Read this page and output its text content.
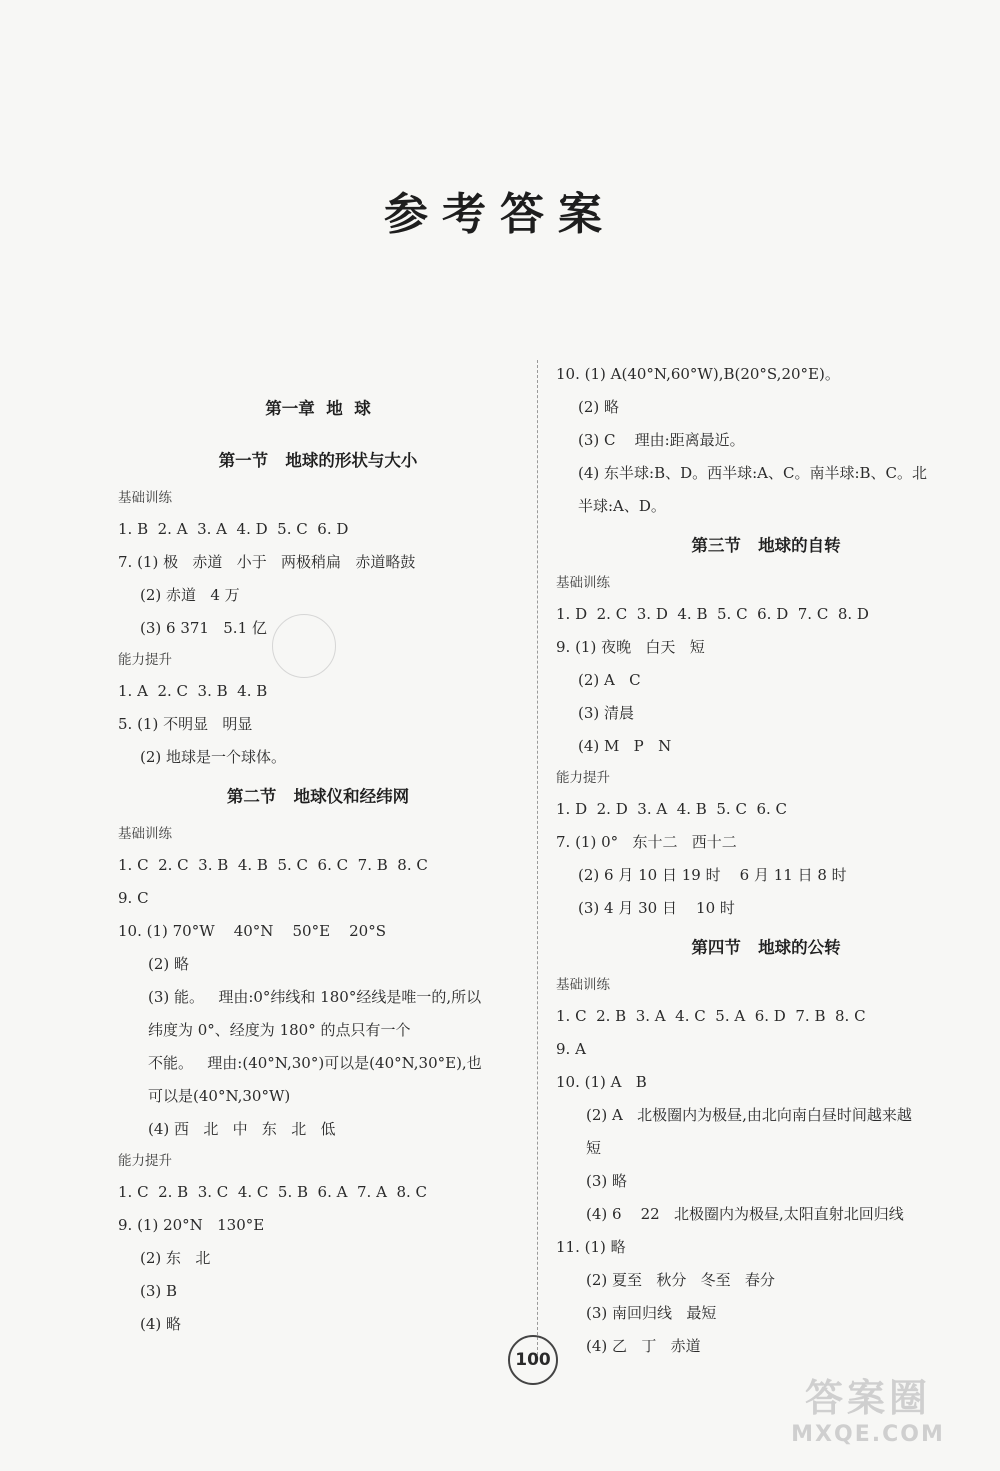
参考答案
第一章  地  球
第一节   地球的形状与大小
基础训练
1. B  2. A  3. A  4. D  5. C  6. D
7. (1) 极   赤道   小于   两极稍扁   赤道略鼓
(2) 赤道   4 万
(3) 6 371   5.1 亿
能力提升
1. A  2. C  3. B  4. B
5. (1) 不明显   明显
(2) 地球是一个球体。
第二节   地球仪和经纬网
基础训练
1. C  2. C  3. B  4. B  5. C  6. C  7. B  8. C
9. C
10. (1) 70°W    40°N    50°E    20°S
(2) 略
(3) 能。   理由:0°纬线和 180°经线是唯一的,所以
纬度为 0°、经度为 180° 的点只有一个
不能。   理由:(40°N,30°)可以是(40°N,30°E),也
可以是(40°N,30°W)
(4) 西   北   中   东   北   低
能力提升
1. C  2. B  3. C  4. C  5. B  6. A  7. A  8. C
9. (1) 20°N   130°E
(2) 东   北
(3) B
(4) 略
10. (1) A(40°N,60°W),B(20°S,20°E)。
(2) 略
(3) C    理由:距离最近。
(4) 东半球:B、D。西半球:A、C。南半球:B、C。北
半球:A、D。
第三节   地球的自转
基础训练
1. D  2. C  3. D  4. B  5. C  6. D  7. C  8. D
9. (1) 夜晚   白天   短
(2) A   C
(3) 清晨
(4) M   P   N
能力提升
1. D  2. D  3. A  4. B  5. C  6. C
7. (1) 0°   东十二   西十二
(2) 6 月 10 日 19 时    6 月 11 日 8 时
(3) 4 月 30 日    10 时
第四节   地球的公转
基础训练
1. C  2. B  3. A  4. C  5. A  6. D  7. B  8. C
9. A
10. (1) A   B
(2) A   北极圈内为极昼,由北向南白昼时间越来越
短
(3) 略
(4) 6    22   北极圈内为极昼,太阳直射北回归线
11. (1) 略
(2) 夏至   秋分   冬至   春分
(3) 南回归线   最短
(4) 乙   丁   赤道
100
答案圈
MXQE.COM
